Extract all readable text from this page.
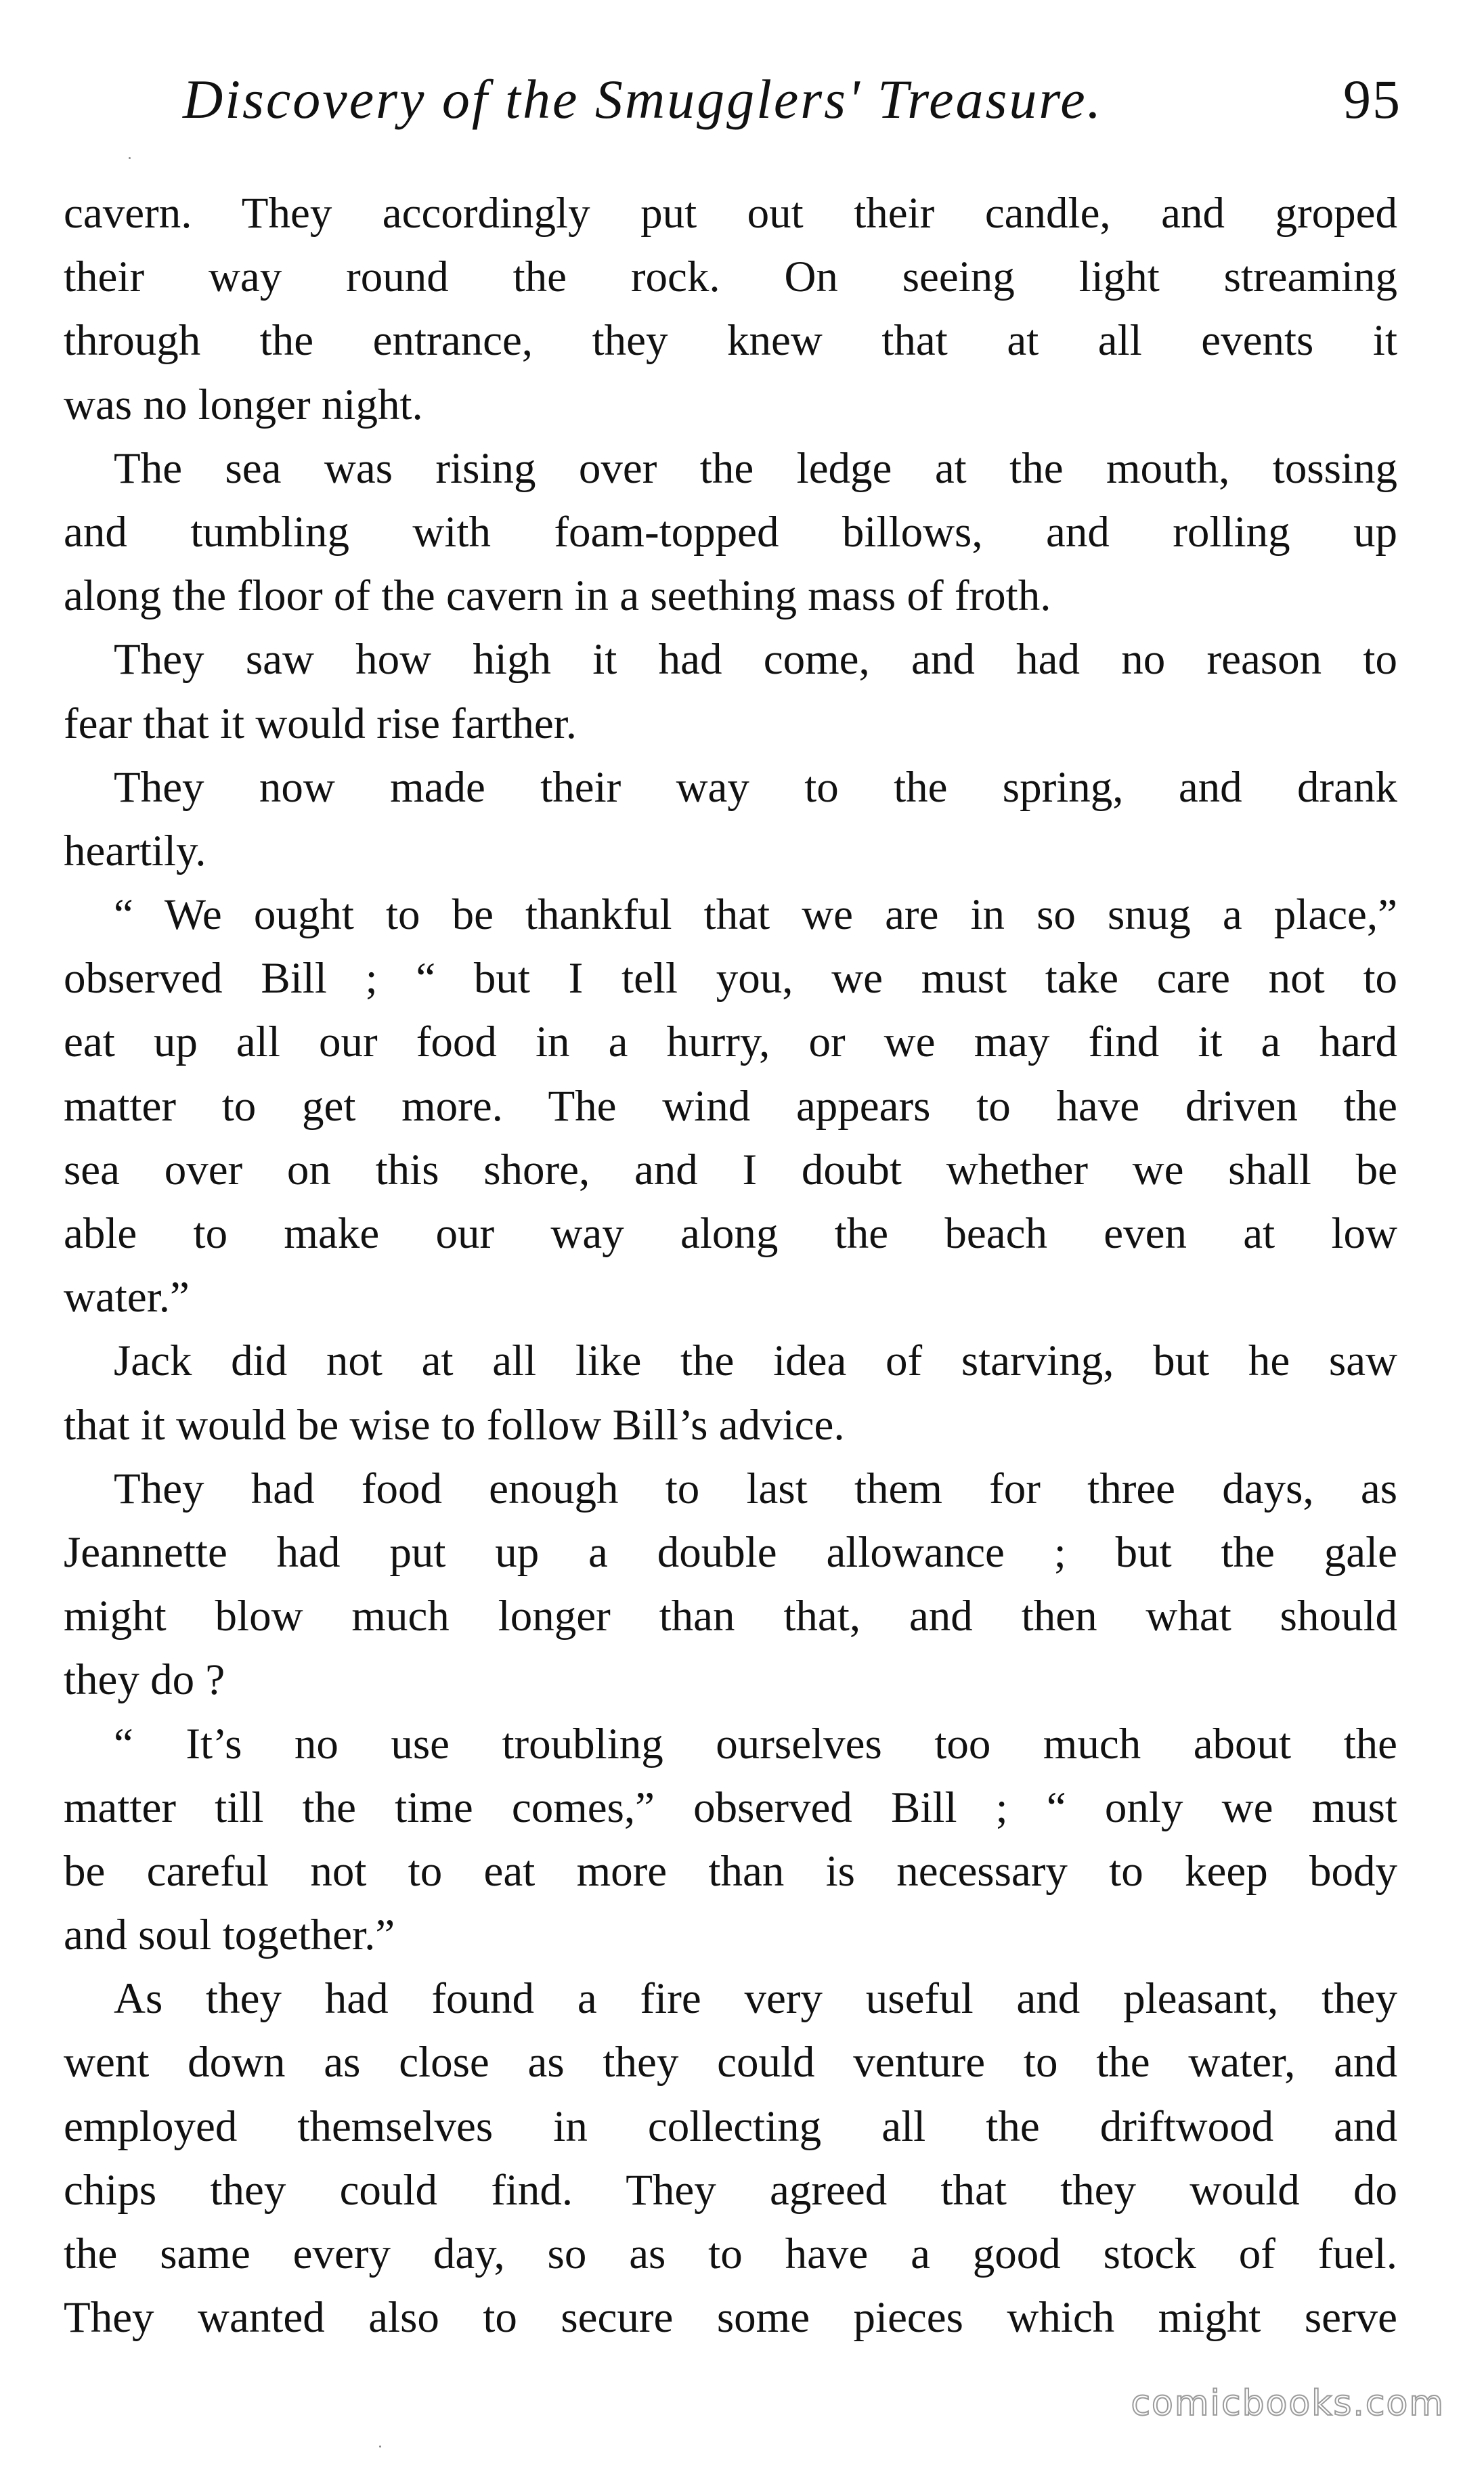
Discovery of the Smugglers' Treasure.	95
cavern. They accordingly put out their candle, and groped
their way round the rock. On seeing light streaming
through the entrance, they knew that at all events it
was no longer night.
The sea was rising over the ledge at the mouth, tossing
and tumbling with foam-topped billows, and rolling up
along the floor of the cavern in a seething mass of froth.
They saw how high it had come, and had no reason to
fear that it would rise farther.
They now made their way to the spring, and drank
heartily.
“ We ought to be thankful that we are in so snug a place,”
observed Bill ; “ but I tell you, we must take care not to
eat up all our food in a hurry, or we may find it a hard
matter to get more. The wind appears to have driven the
sea over on this shore, and I doubt whether we shall be
able to make our way along the beach even at low
water.”
Jack did not at all like the idea of starving, but he saw
that it would be wise to follow Bill’s advice.
They had food enough to last them for three days, as
Jeannette had put up a double allowance ; but the gale
might blow much longer than that, and then what should
they do ?
“ It’s no use troubling ourselves too much about the
matter till the time comes,” observed Bill ; “ only we must
be careful not to eat more than is necessary to keep body
and soul together.”
As they had found a fire very useful and pleasant, they
went down as close as they could venture to the water, and
employed themselves in collecting all the driftwood and
chips they could find. They agreed that they would do
the same every day, so as to have a good stock of fuel.
They wanted also to secure some pieces which might serve
comicbooks.com
